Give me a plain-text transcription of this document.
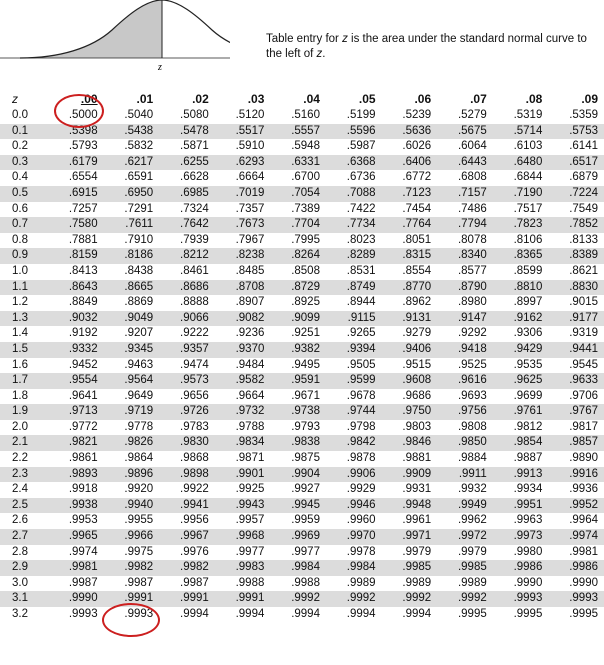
z
Table entry for z is the area under the standard normal curve to the left of z.
z	.00	.01	.02	.03	.04	.05	.06	.07	.08	.09
0.0	.5000	.5040	.5080	.5120	.5160	.5199	.5239	.5279	.5319	.5359
0.1	.5398	.5438	.5478	.5517	.5557	.5596	.5636	.5675	.5714	.5753
0.2	.5793	.5832	.5871	.5910	.5948	.5987	.6026	.6064	.6103	.6141
0.3	.6179	.6217	.6255	.6293	.6331	.6368	.6406	.6443	.6480	.6517
0.4	.6554	.6591	.6628	.6664	.6700	.6736	.6772	.6808	.6844	.6879
0.5	.6915	.6950	.6985	.7019	.7054	.7088	.7123	.7157	.7190	.7224
0.6	.7257	.7291	.7324	.7357	.7389	.7422	.7454	.7486	.7517	.7549
0.7	.7580	.7611	.7642	.7673	.7704	.7734	.7764	.7794	.7823	.7852
0.8	.7881	.7910	.7939	.7967	.7995	.8023	.8051	.8078	.8106	.8133
0.9	.8159	.8186	.8212	.8238	.8264	.8289	.8315	.8340	.8365	.8389
1.0	.8413	.8438	.8461	.8485	.8508	.8531	.8554	.8577	.8599	.8621
1.1	.8643	.8665	.8686	.8708	.8729	.8749	.8770	.8790	.8810	.8830
1.2	.8849	.8869	.8888	.8907	.8925	.8944	.8962	.8980	.8997	.9015
1.3	.9032	.9049	.9066	.9082	.9099	.9115	.9131	.9147	.9162	.9177
1.4	.9192	.9207	.9222	.9236	.9251	.9265	.9279	.9292	.9306	.9319
1.5	.9332	.9345	.9357	.9370	.9382	.9394	.9406	.9418	.9429	.9441
1.6	.9452	.9463	.9474	.9484	.9495	.9505	.9515	.9525	.9535	.9545
1.7	.9554	.9564	.9573	.9582	.9591	.9599	.9608	.9616	.9625	.9633
1.8	.9641	.9649	.9656	.9664	.9671	.9678	.9686	.9693	.9699	.9706
1.9	.9713	.9719	.9726	.9732	.9738	.9744	.9750	.9756	.9761	.9767
2.0	.9772	.9778	.9783	.9788	.9793	.9798	.9803	.9808	.9812	.9817
2.1	.9821	.9826	.9830	.9834	.9838	.9842	.9846	.9850	.9854	.9857
2.2	.9861	.9864	.9868	.9871	.9875	.9878	.9881	.9884	.9887	.9890
2.3	.9893	.9896	.9898	.9901	.9904	.9906	.9909	.9911	.9913	.9916
2.4	.9918	.9920	.9922	.9925	.9927	.9929	.9931	.9932	.9934	.9936
2.5	.9938	.9940	.9941	.9943	.9945	.9946	.9948	.9949	.9951	.9952
2.6	.9953	.9955	.9956	.9957	.9959	.9960	.9961	.9962	.9963	.9964
2.7	.9965	.9966	.9967	.9968	.9969	.9970	.9971	.9972	.9973	.9974
2.8	.9974	.9975	.9976	.9977	.9977	.9978	.9979	.9979	.9980	.9981
2.9	.9981	.9982	.9982	.9983	.9984	.9984	.9985	.9985	.9986	.9986
3.0	.9987	.9987	.9987	.9988	.9988	.9989	.9989	.9989	.9990	.9990
3.1	.9990	.9991	.9991	.9991	.9992	.9992	.9992	.9992	.9993	.9993
3.2	.9993	.9993	.9994	.9994	.9994	.9994	.9994	.9995	.9995	.9995
